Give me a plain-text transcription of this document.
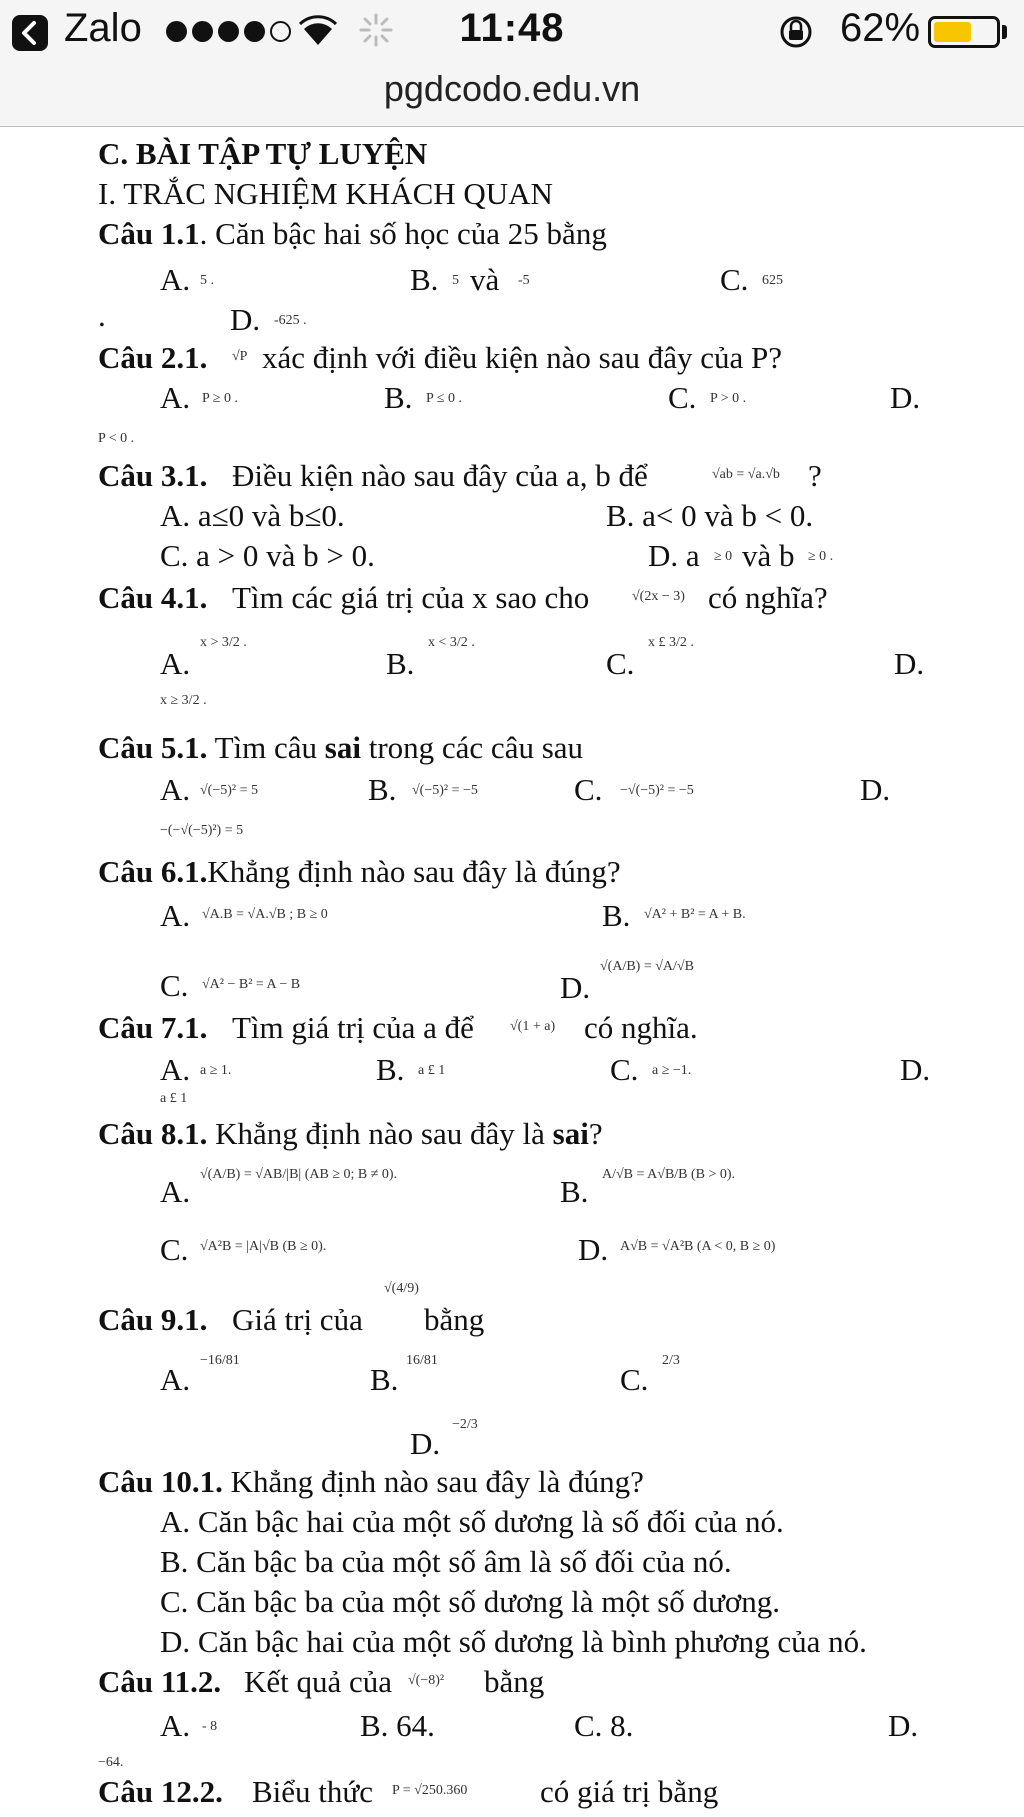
Zalo	11:48	62%
pgdcodo.edu.vn
C. BÀI TẬP TỰ LUYỆN
I. TRẮC NGHIỆM KHÁCH QUAN
Câu 1.1. Căn bậc hai số học của 25 bằng
A. 5 .	B. 5 và -5	C. 625
.	D. -625 .
Câu 2.1. √P xác định với điều kiện nào sau đây của P?
A. P ≥ 0 .	B. P ≤ 0 .	C. P > 0 .	D.
P < 0 .
Câu 3.1. Điều kiện nào sau đây của a, b để	√ab = √a.√b ?
A. a≤0 và b≤0.	B. a< 0 và b < 0.
C. a > 0 và b > 0.	D. a ≥ 0 và b ≥ 0 .
Câu 4.1. Tìm các giá trị của x sao cho	√(2x − 3) có nghĩa?
A.
x > 3/2 .
B.
x < 3/2 .
C.
x £ 3/2 .
D.
x ≥ 3/2 .
Câu 5.1. Tìm câu sai trong các câu sau
A. √(−5)² = 5	B. √(−5)² = −5	C. −√(−5)² = −5	D.
−(−√(−5)²) = 5
Câu 6.1.Khẳng định nào sau đây là đúng?
A. √A.B = √A.√B ; B ≥ 0	B. √A² + B² = A + B.
C. √A² − B² = A − B	D.
√(A/B) = √A/√B
Câu 7.1. Tìm giá trị của a để	√(1 + a) có nghĩa.
A. a ≥ 1.	B. a £ 1	C. a ≥ −1.	D.
a £ 1
Câu 8.1. Khẳng định nào sau đây là sai?
A. √(A/B) = √AB/|B| (AB ≥ 0; B ≠ 0).	B. A/√B = A√B/B (B > 0).
C. √A²B = |A|√B (B ≥ 0).	D. A√B = √A²B (A < 0, B ≥ 0)
Câu 9.1. Giá trị của
√(4/9)
bằng
A.
−16/81
B.
16/81
C.
2/3
D.
−2/3
Câu 10.1. Khẳng định nào sau đây là đúng?
A. Căn bậc hai của một số dương là số đối của nó.
B. Căn bậc ba của một số âm là số đối của nó.
C. Căn bậc ba của một số dương là một số dương.
D. Căn bậc hai của một số dương là bình phương của nó.
Câu 11.2. Kết quả của √(−8)² bằng
A. - 8	B. 64.	C. 8.	D.
−64.
Câu 12.2. Biểu thức P = √250.360 có giá trị bằng
